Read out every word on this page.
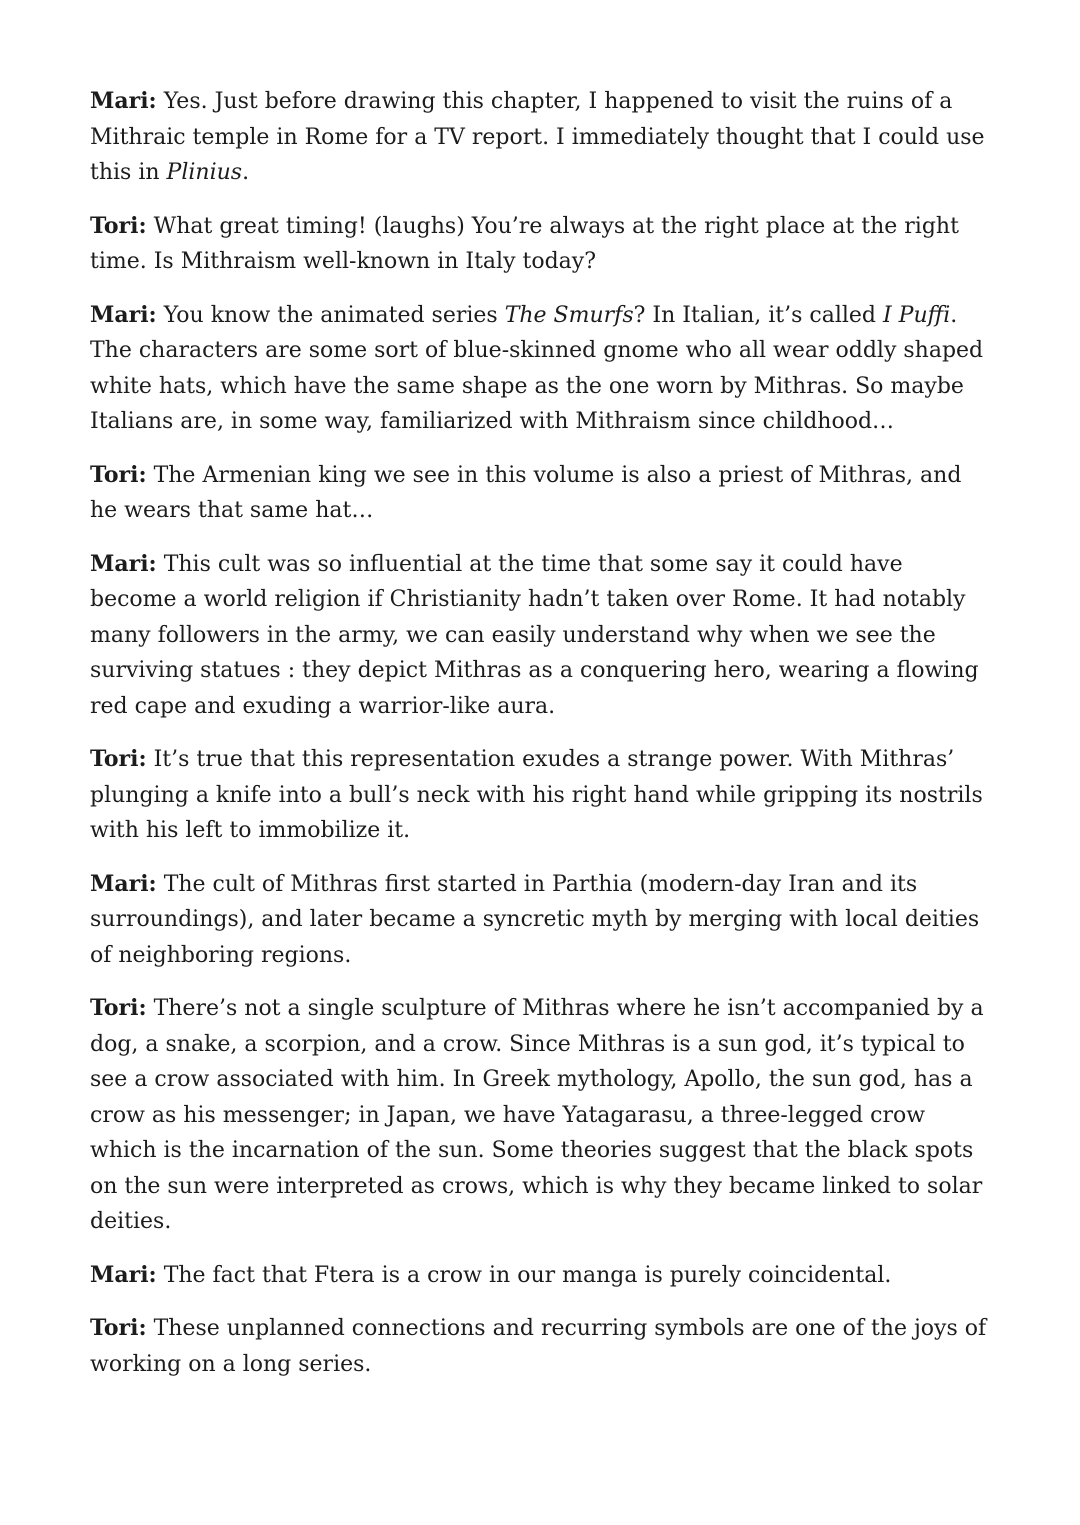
Mari: Yes. Just before drawing this chapter, I happened to visit the ruins of a Mithraic temple in Rome for a TV report. I immediately thought that I could use this in Plinius.

Tori: What great timing! (laughs) You’re always at the right place at the right time. Is Mithraism well-known in Italy today?

Mari: You know the animated series The Smurfs? In Italian, it’s called I Puffi. The characters are some sort of blue-skinned gnome who all wear oddly shaped white hats, which have the same shape as the one worn by Mithras. So maybe Italians are, in some way, familiarized with Mithraism since childhood…

Tori: The Armenian king we see in this volume is also a priest of Mithras, and he wears that same hat…

Mari: This cult was so influential at the time that some say it could have become a world religion if Christianity hadn’t taken over Rome. It had notably many followers in the army, we can easily understand why when we see the surviving statues : they depict Mithras as a conquering hero, wearing a flowing red cape and exuding a warrior-like aura.

Tori: It’s true that this representation exudes a strange power. With Mithras’ plunging a knife into a bull’s neck with his right hand while gripping its nostrils with his left to immobilize it.

Mari: The cult of Mithras first started in Parthia (modern-day Iran and its surroundings), and later became a syncretic myth by merging with local deities of neighboring regions.

Tori: There’s not a single sculpture of Mithras where he isn’t accompanied by a dog, a snake, a scorpion, and a crow. Since Mithras is a sun god, it’s typical to see a crow associated with him. In Greek mythology, Apollo, the sun god, has a crow as his messenger; in Japan, we have Yatagarasu, a three-legged crow which is the incarnation of the sun. Some theories suggest that the black spots on the sun were interpreted as crows, which is why they became linked to solar deities.

Mari: The fact that Ftera is a crow in our manga is purely coincidental.

Tori: These unplanned connections and recurring symbols are one of the joys of working on a long series.
